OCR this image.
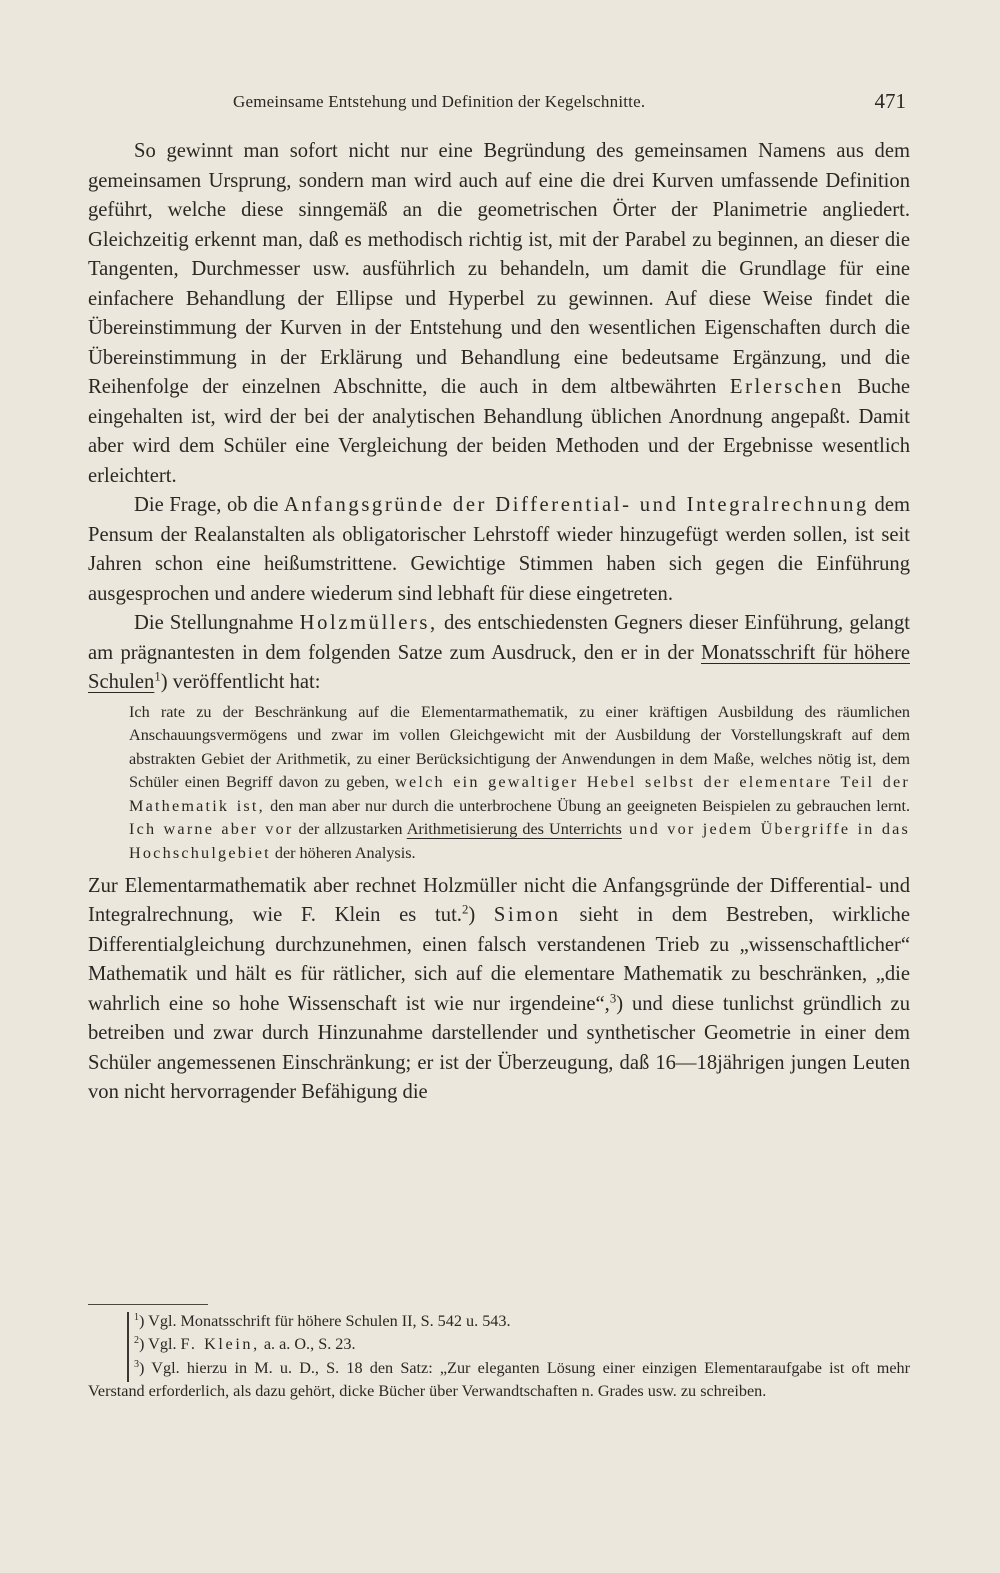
Gemeinsame Entstehung und Definition der Kegelschnitte.	471

So gewinnt man sofort nicht nur eine Begründung des gemeinsamen Namens aus dem gemeinsamen Ursprung, sondern man wird auch auf eine die drei Kurven umfassende Definition geführt, welche diese sinngemäß an die geometrischen Örter der Planimetrie angliedert. Gleichzeitig erkennt man, daß es methodisch richtig ist, mit der Parabel zu beginnen, an dieser die Tangenten, Durchmesser usw. ausführlich zu behandeln, um damit die Grundlage für eine einfachere Behandlung der Ellipse und Hyperbel zu gewinnen. Auf diese Weise findet die Übereinstimmung der Kurven in der Entstehung und den wesentlichen Eigenschaften durch die Übereinstimmung in der Erklärung und Behandlung eine bedeutsame Ergänzung, und die Reihenfolge der einzelnen Abschnitte, die auch in dem altbewährten Erlerschen Buche eingehalten ist, wird der bei der analytischen Behandlung üblichen Anordnung angepaßt. Damit aber wird dem Schüler eine Vergleichung der beiden Methoden und der Ergebnisse wesentlich erleichtert.

Die Frage, ob die Anfangsgründe der Differential- und Integralrechnung dem Pensum der Realanstalten als obligatorischer Lehrstoff wieder hinzugefügt werden sollen, ist seit Jahren schon eine heißumstrittene. Gewichtige Stimmen haben sich gegen die Einführung ausgesprochen und andere wiederum sind lebhaft für diese eingetreten.

Die Stellungnahme Holzmüllers, des entschiedensten Gegners dieser Einführung, gelangt am prägnantesten in dem folgenden Satze zum Ausdruck, den er in der Monatsschrift für höhere Schulen$^1$) veröffentlicht hat:

Ich rate zu der Beschränkung auf die Elementarmathematik, zu einer kräftigen Ausbildung des räumlichen Anschauungsvermögens und zwar im vollen Gleichgewicht mit der Ausbildung der Vorstellungskraft auf dem abstrakten Gebiet der Arithmetik, zu einer Berücksichtigung der Anwendungen in dem Maße, welches nötig ist, dem Schüler einen Begriff davon zu geben, welch ein gewaltiger Hebel selbst der elementare Teil der Mathematik ist, den man aber nur durch die unterbrochene Übung an geeigneten Beispielen zu gebrauchen lernt. Ich warne aber vor der allzustarken Arithmetisierung des Unterrichts und vor jedem Übergriffe in das Hochschulgebiet der höheren Analysis.

Zur Elementarmathematik aber rechnet Holzmüller nicht die Anfangsgründe der Differential- und Integralrechnung, wie F. Klein es tut.$^2$) Simon sieht in dem Bestreben, wirkliche Differentialgleichung durchzunehmen, einen falsch verstandenen Trieb zu „wissenschaftlicher“ Mathematik und hält es für rätlicher, sich auf die elementare Mathematik zu beschränken, „die wahrlich eine so hohe Wissenschaft ist wie nur irgendeine“,$^3$) und diese tunlichst gründlich zu betreiben und zwar durch Hinzunahme darstellender und synthetischer Geometrie in einer dem Schüler angemessenen Einschränkung; er ist der Überzeugung, daß 16—18jährigen jungen Leuten von nicht hervorragender Befähigung die

$^1$) Vgl. Monatsschrift für höhere Schulen II, S. 542 u. 543.

$^2$) Vgl. F. Klein, a. a. O., S. 23.

$^3$) Vgl. hierzu in M. u. D., S. 18 den Satz: „Zur eleganten Lösung einer einzigen Elementaraufgabe ist oft mehr Verstand erforderlich, als dazu gehört, dicke Bücher über Verwandtschaften n. Grades usw. zu schreiben.
